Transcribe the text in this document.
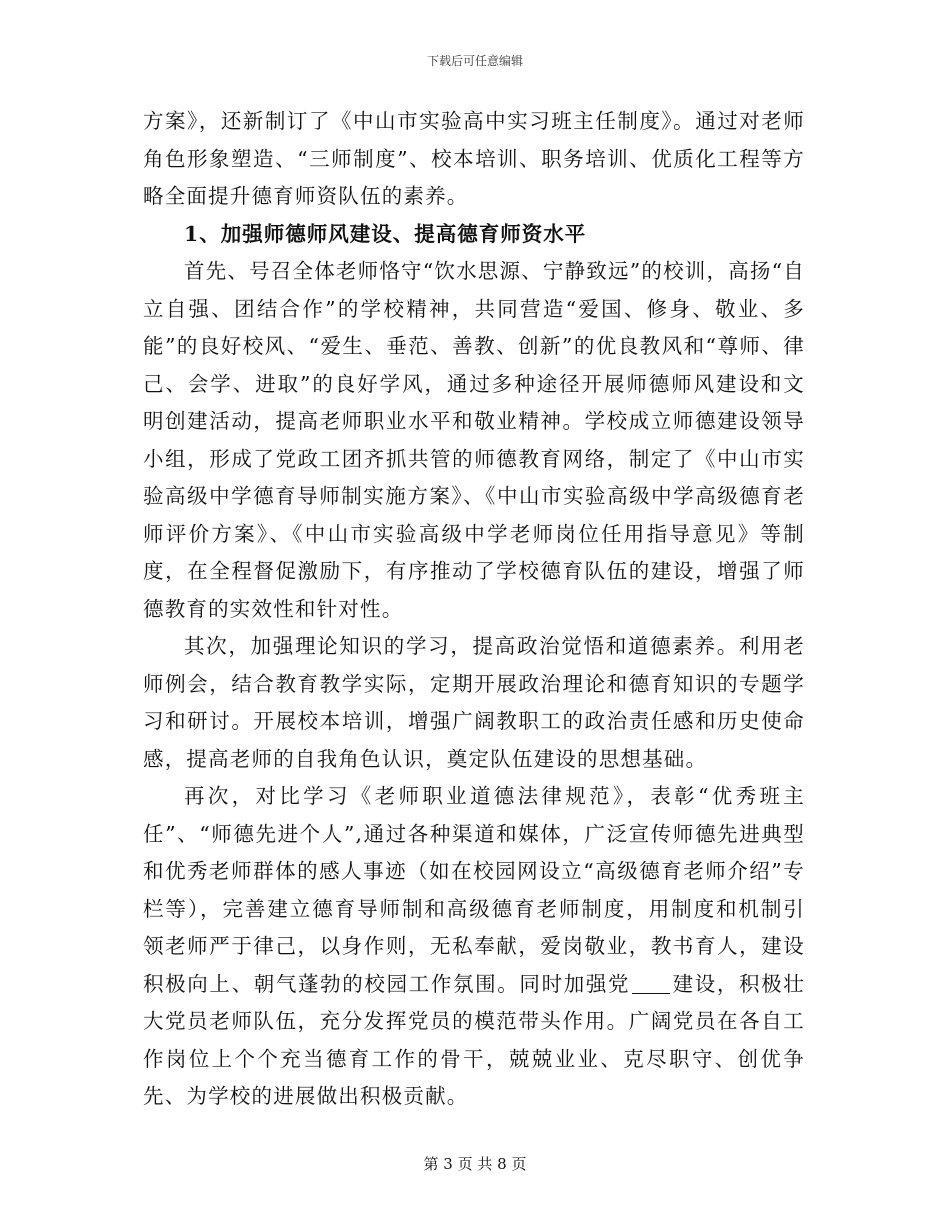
下载后可任意编辑

方案》，还新制订了《中山市实验高中实习班主任制度》。通过对老师角色形象塑造、“三师制度”、校本培训、职务培训、优质化工程等方略全面提升德育师资队伍的素养。

1、加强师德师风建设、提高德育师资水平

首先、号召全体老师恪守“饮水思源、宁静致远”的校训，高扬“自立自强、团结合作”的学校精神，共同营造“爱国、修身、敬业、多能”的良好校风、“爱生、垂范、善教、创新”的优良教风和“尊师、律己、会学、进取”的良好学风，通过多种途径开展师德师风建设和文明创建活动，提高老师职业水平和敬业精神。学校成立师德建设领导小组，形成了党政工团齐抓共管的师德教育网络，制定了《中山市实验高级中学德育导师制实施方案》、《中山市实验高级中学高级德育老师评价方案》、《中山市实验高级中学老师岗位任用指导意见》等制度，在全程督促激励下，有序推动了学校德育队伍的建设，增强了师德教育的实效性和针对性。

其次，加强理论知识的学习，提高政治觉悟和道德素养。利用老师例会，结合教育教学实际，定期开展政治理论和德育知识的专题学习和研讨。开展校本培训，增强广阔教职工的政治责任感和历史使命感，提高老师的自我角色认识，奠定队伍建设的思想基础。

再次，对比学习《老师职业道德法律规范》，表彰“优秀班主任”、“师德先进个人”,通过各种渠道和媒体，广泛宣传师德先进典型和优秀老师群体的感人事迹（如在校园网设立“高级德育老师介绍”专栏等），完善建立德育导师制和高级德育老师制度，用制度和机制引领老师严于律己，以身作则，无私奉献，爱岗敬业，教书育人，建设积极向上、朝气蓬勃的校园工作氛围。同时加强党 建设，积极壮大党员老师队伍，充分发挥党员的模范带头作用。广阔党员在各自工作岗位上个个充当德育工作的骨干，兢兢业业、克尽职守、创优争先、为学校的进展做出积极贡献。

第 3 页 共 8 页
